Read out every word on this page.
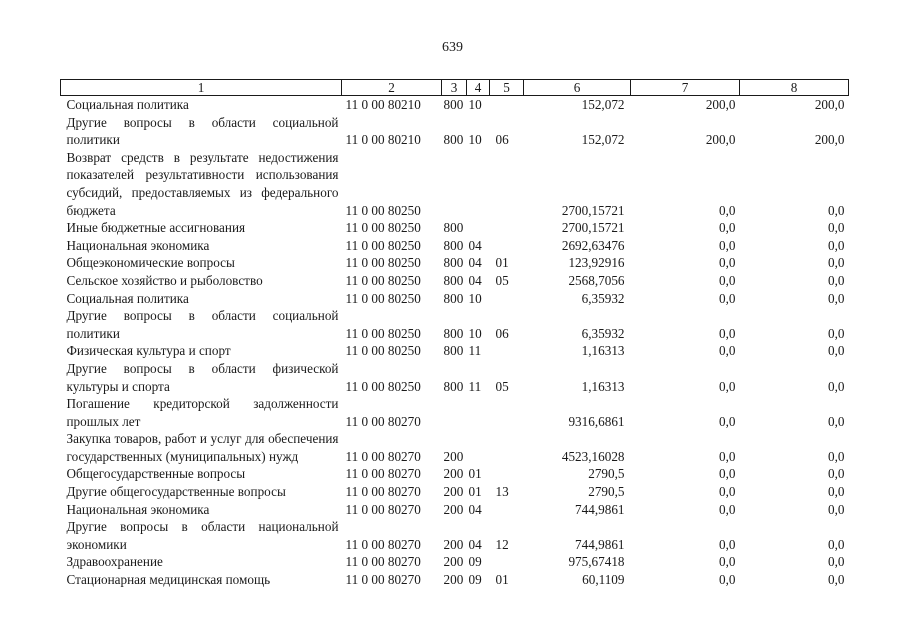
639
1	2	3	4	5	6	7	8
Социальная политика	11 0 00 80210	800	10		152,072	200,0	200,0
Другие вопросы в области социальной политики	11 0 00 80210	800	10	06	152,072	200,0	200,0
Возврат средств в результате недостижения показателей результативности использования субсидий, предоставляемых из федерального бюджета	11 0 00 80250				2700,15721	0,0	0,0
Иные бюджетные ассигнования	11 0 00 80250	800			2700,15721	0,0	0,0
Национальная экономика	11 0 00 80250	800	04		2692,63476	0,0	0,0
Общеэкономические вопросы	11 0 00 80250	800	04	01	123,92916	0,0	0,0
Сельское хозяйство и рыболовство	11 0 00 80250	800	04	05	2568,7056	0,0	0,0
Социальная политика	11 0 00 80250	800	10		6,35932	0,0	0,0
Другие вопросы в области социальной политики	11 0 00 80250	800	10	06	6,35932	0,0	0,0
Физическая культура и спорт	11 0 00 80250	800	11		1,16313	0,0	0,0
Другие вопросы в области физической культуры и спорта	11 0 00 80250	800	11	05	1,16313	0,0	0,0
Погашение кредиторской задолженности прошлых лет	11 0 00 80270				9316,6861	0,0	0,0
Закупка товаров, работ и услуг для обеспечения государственных (муниципальных) нужд	11 0 00 80270	200			4523,16028	0,0	0,0
Общегосударственные вопросы	11 0 00 80270	200	01		2790,5	0,0	0,0
Другие общегосударственные вопросы	11 0 00 80270	200	01	13	2790,5	0,0	0,0
Национальная экономика	11 0 00 80270	200	04		744,9861	0,0	0,0
Другие вопросы в области национальной экономики	11 0 00 80270	200	04	12	744,9861	0,0	0,0
Здравоохранение	11 0 00 80270	200	09		975,67418	0,0	0,0
Стационарная медицинская помощь	11 0 00 80270	200	09	01	60,1109	0,0	0,0
